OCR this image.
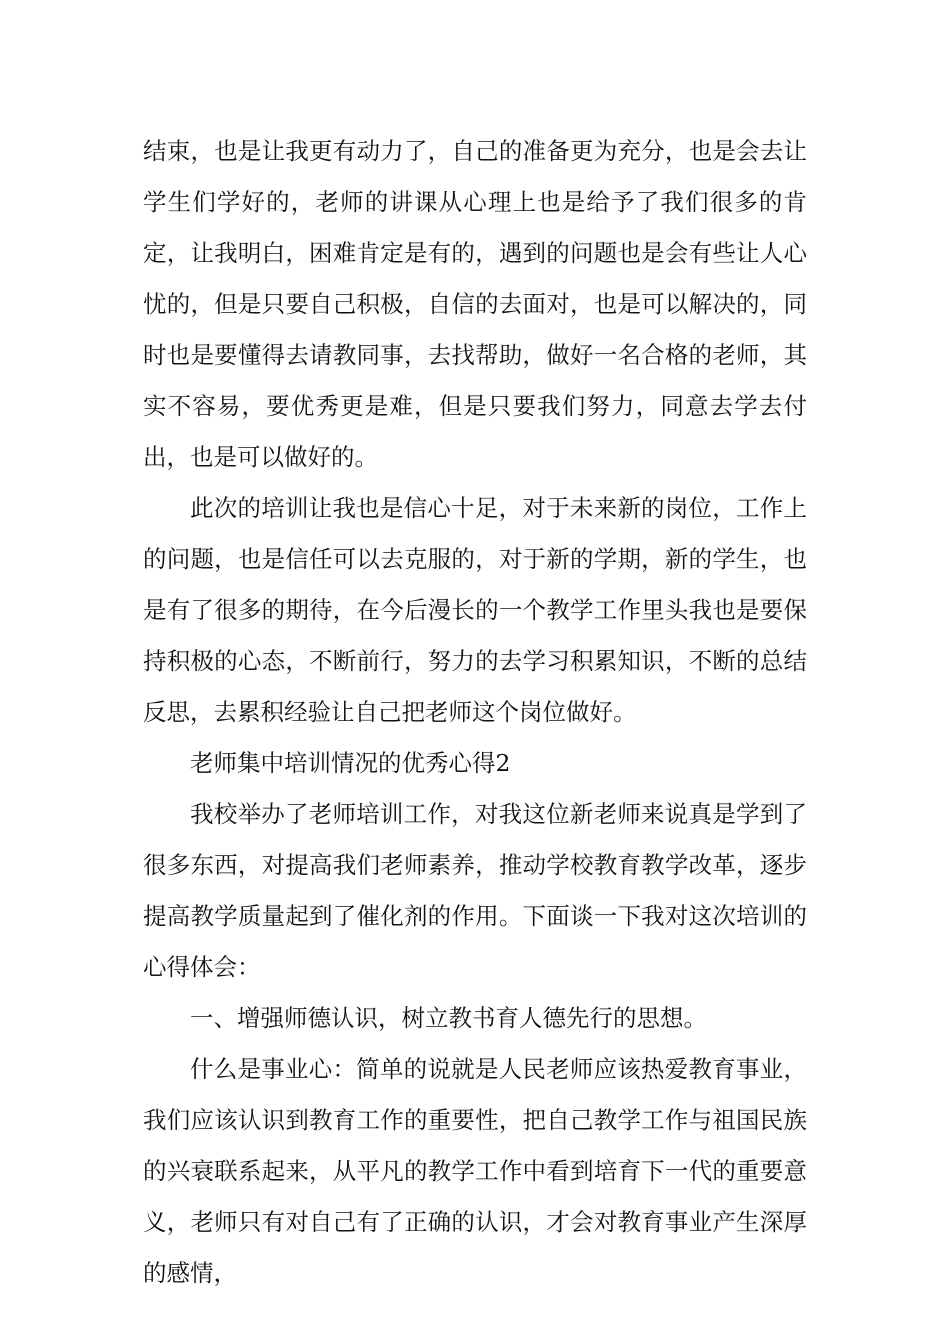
结束，也是让我更有动力了，自己的准备更为充分，也是会去让学生们学好的，老师的讲课从心理上也是给予了我们很多的肯定，让我明白，困难肯定是有的，遇到的问题也是会有些让人心忧的，但是只要自己积极，自信的去面对，也是可以解决的，同时也是要懂得去请教同事，去找帮助，做好一名合格的老师，其实不容易，要优秀更是难，但是只要我们努力，同意去学去付出，也是可以做好的。

此次的培训让我也是信心十足，对于未来新的岗位，工作上的问题，也是信任可以去克服的，对于新的学期，新的学生，也是有了很多的期待，在今后漫长的一个教学工作里头我也是要保持积极的心态，不断前行，努力的去学习积累知识，不断的总结反思，去累积经验让自己把老师这个岗位做好。

老师集中培训情况的优秀心得2

我校举办了老师培训工作，对我这位新老师来说真是学到了很多东西，对提高我们老师素养，推动学校教育教学改革，逐步提高教学质量起到了催化剂的作用。下面谈一下我对这次培训的心得体会：

一、增强师德认识，树立教书育人德先行的思想。

什么是事业心：简单的说就是人民老师应该热爱教育事业，我们应该认识到教育工作的重要性，把自己教学工作与祖国民族的兴衰联系起来，从平凡的教学工作中看到培育下一代的重要意义，老师只有对自己有了正确的认识，才会对教育事业产生深厚的感情，
